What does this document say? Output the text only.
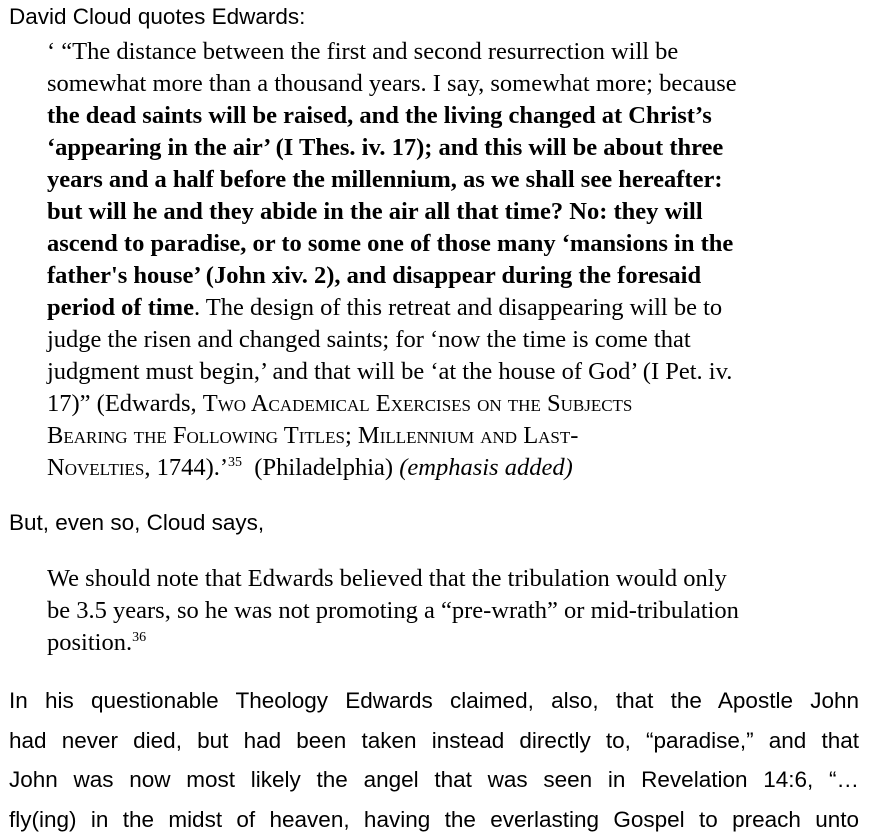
David Cloud quotes Edwards:
‘ “The distance between the first and second resurrection will be
somewhat more than a thousand years. I say, somewhat more; because
the dead saints will be raised, and the living changed at Christ’s
‘appearing in the air’ (I Thes. iv. 17); and this will be about three
years and a half before the millennium, as we shall see hereafter:
but will he and they abide in the air all that time? No: they will
ascend to paradise, or to some one of those many ‘mansions in the
father's house’ (John xiv. 2), and disappear during the foresaid
period of time. The design of this retreat and disappearing will be to
judge the risen and changed saints; for ‘now the time is come that
judgment must begin,’ and that will be ‘at the house of God’ (I Pet. iv.
17)” (Edwards, Two Academical Exercises on the Subjects
Bearing the Following Titles; Millennium and Last-
Novelties, 1744).’$^{35}$  (Philadelphia) (emphasis added)
But, even so, Cloud says,
We should note that Edwards believed that the tribulation would only
be 3.5 years, so he was not promoting a “pre-wrath” or mid-tribulation
position.$^{36}$
In his questionable Theology Edwards claimed, also, that the Apostle John
had never died, but had been taken instead directly to, “paradise,” and that
John was now most likely the angel that was seen in Revelation 14:6, “…
fly(ing) in the midst of heaven, having the everlasting Gospel to preach unto
